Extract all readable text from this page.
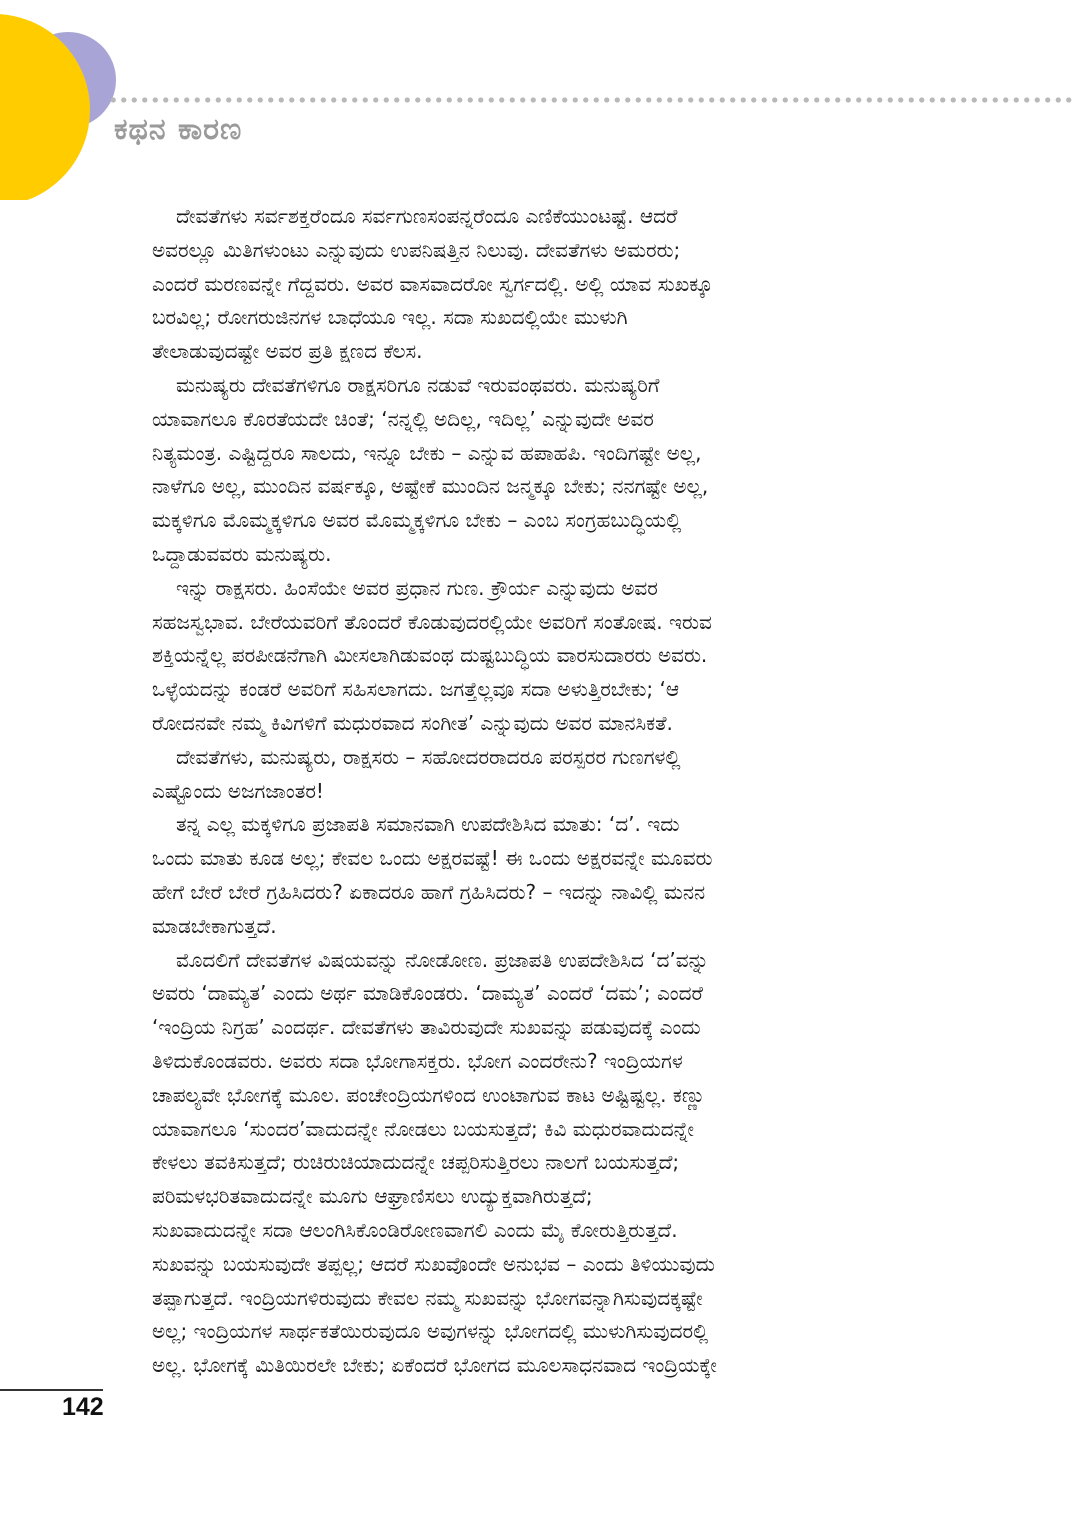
ಕಥನ ಕಾರಣ
ದೇವತೆಗಳು ಸರ್ವಶಕ್ತರೆಂದೂ ಸರ್ವಗುಣಸಂಪನ್ನರೆಂದೂ ಎಣಿಕೆಯುಂಟಷ್ಟೆ. ಆದರೆ
ಅವರಲ್ಲೂ ಮಿತಿಗಳುಂಟು ಎನ್ನುವುದು ಉಪನಿಷತ್ತಿನ ನಿಲುವು. ದೇವತೆಗಳು ಅಮರರು;
ಎಂದರೆ ಮರಣವನ್ನೇ ಗೆದ್ದವರು. ಅವರ ವಾಸವಾದರೋ ಸ್ವರ್ಗದಲ್ಲಿ. ಅಲ್ಲಿ ಯಾವ ಸುಖಕ್ಕೂ
ಬರವಿಲ್ಲ; ರೋಗರುಜಿನಗಳ ಬಾಧೆಯೂ ಇಲ್ಲ. ಸದಾ ಸುಖದಲ್ಲಿಯೇ ಮುಳುಗಿ
ತೇಲಾಡುವುದಷ್ಟೇ ಅವರ ಪ್ರತಿ ಕ್ಷಣದ ಕೆಲಸ.
ಮನುಷ್ಯರು ದೇವತೆಗಳಿಗೂ ರಾಕ್ಷಸರಿಗೂ ನಡುವೆ ಇರುವಂಥವರು. ಮನುಷ್ಯರಿಗೆ
ಯಾವಾಗಲೂ ಕೊರತೆಯದೇ ಚಿಂತೆ; ‘ನನ್ನಲ್ಲಿ ಅದಿಲ್ಲ, ಇದಿಲ್ಲ’ ಎನ್ನುವುದೇ ಅವರ
ನಿತ್ಯಮಂತ್ರ. ಎಷ್ಟಿದ್ದರೂ ಸಾಲದು, ಇನ್ನೂ ಬೇಕು – ಎನ್ನುವ ಹಪಾಹಪಿ. ಇಂದಿಗಷ್ಟೇ ಅಲ್ಲ,
ನಾಳೆಗೂ ಅಲ್ಲ, ಮುಂದಿನ ವರ್ಷಕ್ಕೂ, ಅಷ್ಟೇಕೆ ಮುಂದಿನ ಜನ್ಮಕ್ಕೂ ಬೇಕು; ನನಗಷ್ಟೇ ಅಲ್ಲ,
ಮಕ್ಕಳಿಗೂ ಮೊಮ್ಮಕ್ಕಳಿಗೂ ಅವರ ಮೊಮ್ಮಕ್ಕಳಿಗೂ ಬೇಕು – ಎಂಬ ಸಂಗ್ರಹಬುದ್ಧಿಯಲ್ಲಿ
ಒದ್ದಾಡುವವರು ಮನುಷ್ಯರು.
ಇನ್ನು ರಾಕ್ಷಸರು. ಹಿಂಸೆಯೇ ಅವರ ಪ್ರಧಾನ ಗುಣ. ಕ್ರೌರ್ಯ ಎನ್ನುವುದು ಅವರ
ಸಹಜಸ್ವಭಾವ. ಬೇರೆಯವರಿಗೆ ತೊಂದರೆ ಕೊಡುವುದರಲ್ಲಿಯೇ ಅವರಿಗೆ ಸಂತೋಷ. ಇರುವ
ಶಕ್ತಿಯನ್ನೆಲ್ಲ ಪರಪೀಡನೆಗಾಗಿ ಮೀಸಲಾಗಿಡುವಂಥ ದುಷ್ಟಬುದ್ಧಿಯ ವಾರಸುದಾರರು ಅವರು.
ಒಳ್ಳೆಯದನ್ನು ಕಂಡರೆ ಅವರಿಗೆ ಸಹಿಸಲಾಗದು. ಜಗತ್ತೆಲ್ಲವೂ ಸದಾ ಅಳುತ್ತಿರಬೇಕು; ‘ಆ
ರೋದನವೇ ನಮ್ಮ ಕಿವಿಗಳಿಗೆ ಮಧುರವಾದ ಸಂಗೀತ’ ಎನ್ನುವುದು ಅವರ ಮಾನಸಿಕತೆ.
ದೇವತೆಗಳು, ಮನುಷ್ಯರು, ರಾಕ್ಷಸರು – ಸಹೋದರರಾದರೂ ಪರಸ್ಪರರ ಗುಣಗಳಲ್ಲಿ
ಎಷ್ಟೊಂದು ಅಜಗಜಾಂತರ!
ತನ್ನ ಎಲ್ಲ ಮಕ್ಕಳಿಗೂ ಪ್ರಜಾಪತಿ ಸಮಾನವಾಗಿ ಉಪದೇಶಿಸಿದ ಮಾತು: ‘ದ’. ಇದು
ಒಂದು ಮಾತು ಕೂಡ ಅಲ್ಲ; ಕೇವಲ ಒಂದು ಅಕ್ಷರವಷ್ಟೆ! ಈ ಒಂದು ಅಕ್ಷರವನ್ನೇ ಮೂವರು
ಹೇಗೆ ಬೇರೆ ಬೇರೆ ಗ್ರಹಿಸಿದರು? ಏಕಾದರೂ ಹಾಗೆ ಗ್ರಹಿಸಿದರು? – ಇದನ್ನು ನಾವಿಲ್ಲಿ ಮನನ
ಮಾಡಬೇಕಾಗುತ್ತದೆ.
ಮೊದಲಿಗೆ ದೇವತೆಗಳ ವಿಷಯವನ್ನು ನೋಡೋಣ. ಪ್ರಜಾಪತಿ ಉಪದೇಶಿಸಿದ ‘ದ’ವನ್ನು
ಅವರು ‘ದಾಮ್ಯತ’ ಎಂದು ಅರ್ಥ ಮಾಡಿಕೊಂಡರು. ‘ದಾಮ್ಯತ’ ಎಂದರೆ ‘ದಮ’; ಎಂದರೆ
‘ಇಂದ್ರಿಯ ನಿಗ್ರಹ’ ಎಂದರ್ಥ. ದೇವತೆಗಳು ತಾವಿರುವುದೇ ಸುಖವನ್ನು ಪಡುವುದಕ್ಕೆ ಎಂದು
ತಿಳಿದುಕೊಂಡವರು. ಅವರು ಸದಾ ಭೋಗಾಸಕ್ತರು. ಭೋಗ ಎಂದರೇನು? ಇಂದ್ರಿಯಗಳ
ಚಾಪಲ್ಯವೇ ಭೋಗಕ್ಕೆ ಮೂಲ. ಪಂಚೇಂದ್ರಿಯಗಳಿಂದ ಉಂಟಾಗುವ ಕಾಟ ಅಷ್ಟಿಷ್ಟಲ್ಲ. ಕಣ್ಣು
ಯಾವಾಗಲೂ ‘ಸುಂದರ’ವಾದುದನ್ನೇ ನೋಡಲು ಬಯಸುತ್ತದೆ; ಕಿವಿ ಮಧುರವಾದುದನ್ನೇ
ಕೇಳಲು ತವಕಿಸುತ್ತದೆ; ರುಚಿರುಚಿಯಾದುದನ್ನೇ ಚಪ್ಪರಿಸುತ್ತಿರಲು ನಾಲಗೆ ಬಯಸುತ್ತದೆ;
ಪರಿಮಳಭರಿತವಾದುದನ್ನೇ ಮೂಗು ಆಘ್ರಾಣಿಸಲು ಉದ್ಯುಕ್ತವಾಗಿರುತ್ತದೆ;
ಸುಖವಾದುದನ್ನೇ ಸದಾ ಆಲಂಗಿಸಿಕೊಂಡಿರೋಣವಾಗಲಿ ಎಂದು ಮೈ ಕೋರುತ್ತಿರುತ್ತದೆ.
ಸುಖವನ್ನು ಬಯಸುವುದೇ ತಪ್ಪಲ್ಲ; ಆದರೆ ಸುಖವೊಂದೇ ಅನುಭವ – ಎಂದು ತಿಳಿಯುವುದು
ತಪ್ಪಾಗುತ್ತದೆ. ಇಂದ್ರಿಯಗಳಿರುವುದು ಕೇವಲ ನಮ್ಮ ಸುಖವನ್ನು ಭೋಗವನ್ನಾಗಿಸುವುದಕ್ಕಷ್ಟೇ
ಅಲ್ಲ; ಇಂದ್ರಿಯಗಳ ಸಾರ್ಥಕತೆಯಿರುವುದೂ ಅವುಗಳನ್ನು ಭೋಗದಲ್ಲಿ ಮುಳುಗಿಸುವುದರಲ್ಲಿ
ಅಲ್ಲ. ಭೋಗಕ್ಕೆ ಮಿತಿಯಿರಲೇ ಬೇಕು; ಏಕೆಂದರೆ ಭೋಗದ ಮೂಲಸಾಧನವಾದ ಇಂದ್ರಿಯಕ್ಕೇ
142
